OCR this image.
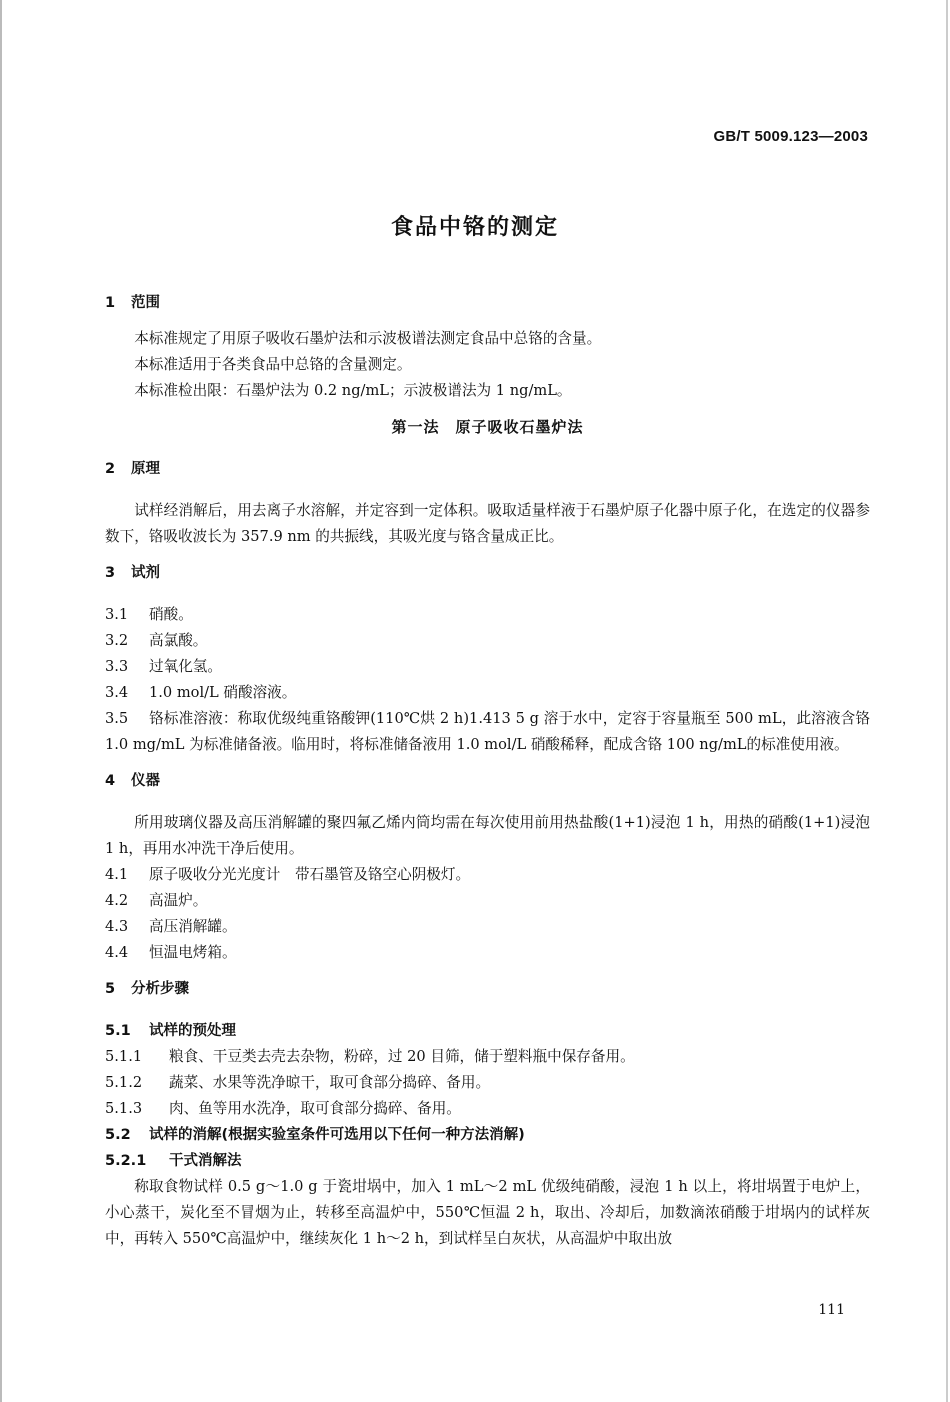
GB/T 5009.123—2003
食品中铬的测定
1 范围

本标准规定了用原子吸收石墨炉法和示波极谱法测定食品中总铬的含量。

本标准适用于各类食品中总铬的含量测定。

本标准检出限：石墨炉法为 0.2 ng/mL；示波极谱法为 1 ng/mL。

第一法　原子吸收石墨炉法

2 原理

试样经消解后，用去离子水溶解，并定容到一定体积。吸取适量样液于石墨炉原子化器中原子化，在选定的仪器参数下，铬吸收波长为 357.9 nm 的共振线，其吸光度与铬含量成正比。

3 试剂

3.1 硝酸。

3.2 高氯酸。

3.3 过氧化氢。

3.4 1.0 mol/L 硝酸溶液。

3.5 铬标准溶液：称取优级纯重铬酸钾(110℃烘 2 h)1.413 5 g 溶于水中，定容于容量瓶至 500 mL，此溶液含铬 1.0 mg/mL 为标准储备液。临用时，将标准储备液用 1.0 mol/L 硝酸稀释，配成含铬 100 ng/mL的标准使用液。

4 仪器

所用玻璃仪器及高压消解罐的聚四氟乙烯内筒均需在每次使用前用热盐酸(1+1)浸泡 1 h，用热的硝酸(1+1)浸泡 1 h，再用水冲洗干净后使用。

4.1 原子吸收分光光度计　带石墨管及铬空心阴极灯。

4.2 高温炉。

4.3 高压消解罐。

4.4 恒温电烤箱。

5 分析步骤
5.1 试样的预处理

5.1.1 粮食、干豆类去壳去杂物，粉碎，过 20 目筛，储于塑料瓶中保存备用。

5.1.2 蔬菜、水果等洗净晾干，取可食部分捣碎、备用。

5.1.3 肉、鱼等用水洗净，取可食部分捣碎、备用。

5.2 试样的消解(根据实验室条件可选用以下任何一种方法消解)
5.2.1 干式消解法

称取食物试样 0.5 g～1.0 g 于瓷坩埚中，加入 1 mL～2 mL 优级纯硝酸，浸泡 1 h 以上，将坩埚置于电炉上，小心蒸干，炭化至不冒烟为止，转移至高温炉中，550℃恒温 2 h，取出、冷却后，加数滴浓硝酸于坩埚内的试样灰中，再转入 550℃高温炉中，继续灰化 1 h～2 h，到试样呈白灰状，从高温炉中取出放

111
